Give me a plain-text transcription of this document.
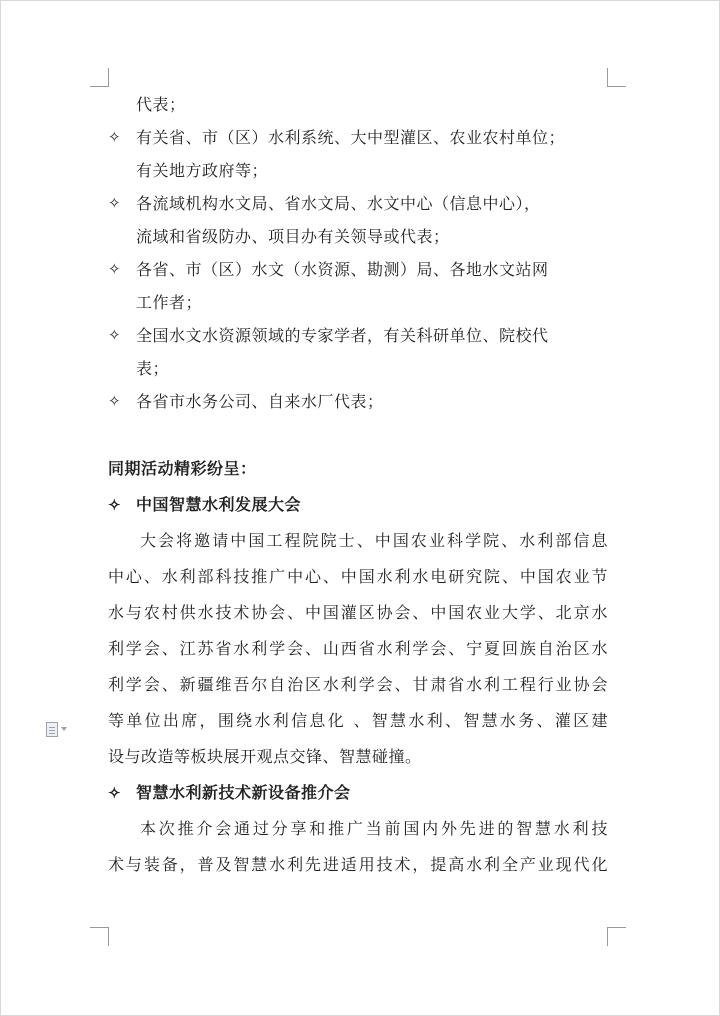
代表；
✧ 有关省、市（区）水利系统、大中型灌区、农业农村单位；
有关地方政府等；
✧ 各流域机构水文局、省水文局、水文中心（信息中心），
流域和省级防办、项目办有关领导或代表；
✧ 各省、市（区）水文（水资源、勘测）局、各地水文站网
工作者；
✧ 全国水文水资源领域的专家学者，有关科研单位、院校代
表；
✧ 各省市水务公司、自来水厂代表；
同期活动精彩纷呈：
✧ 中国智慧水利发展大会
大会将邀请中国工程院院士、中国农业科学院、水利部信息
中心、水利部科技推广中心、中国水利水电研究院、中国农业节
水与农村供水技术协会、中国灌区协会、中国农业大学、北京水
利学会、江苏省水利学会、山西省水利学会、宁夏回族自治区水
利学会、新疆维吾尔自治区水利学会、甘肃省水利工程行业协会
等单位出席，围绕水利信息化 、智慧水利、智慧水务、灌区建
设与改造等板块展开观点交锋、智慧碰撞。
✧ 智慧水利新技术新设备推介会
本次推介会通过分享和推广当前国内外先进的智慧水利技
术与装备，普及智慧水利先进适用技术，提高水利全产业现代化
